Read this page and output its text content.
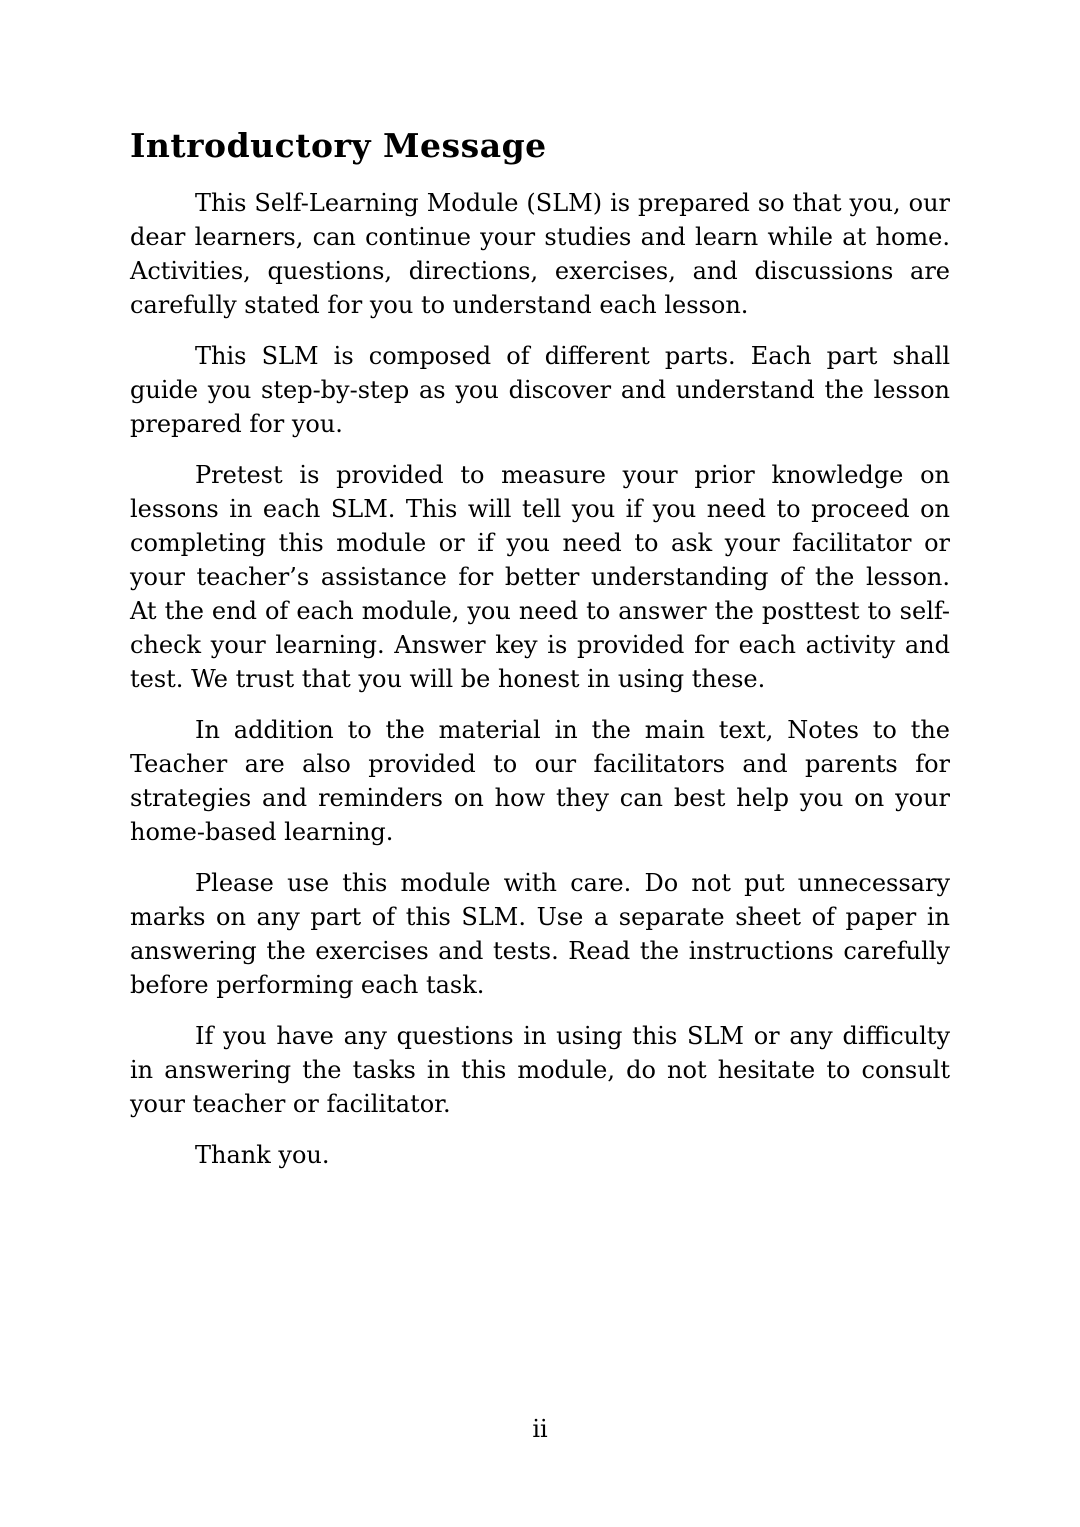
Introductory Message

This Self-Learning Module (SLM) is prepared so that you, our
dear learners, can continue your studies and learn while at home.
Activities, questions, directions, exercises, and discussions are
carefully stated for you to understand each lesson.

This SLM is composed of different parts. Each part shall
guide you step-by-step as you discover and understand the lesson
prepared for you.

Pretest is provided to measure your prior knowledge on
lessons in each SLM. This will tell you if you need to proceed on
completing this module or if you need to ask your facilitator or
your teacher’s assistance for better understanding of the lesson.
At the end of each module, you need to answer the posttest to self-
check your learning. Answer key is provided for each activity and
test. We trust that you will be honest in using these.

In addition to the material in the main text, Notes to the
Teacher are also provided to our facilitators and parents for
strategies and reminders on how they can best help you on your
home-based learning.

Please use this module with care. Do not put unnecessary
marks on any part of this SLM. Use a separate sheet of paper in
answering the exercises and tests. Read the instructions carefully
before performing each task.

If you have any questions in using this SLM or any difficulty
in answering the tasks in this module, do not hesitate to consult
your teacher or facilitator.

Thank you.

ii
